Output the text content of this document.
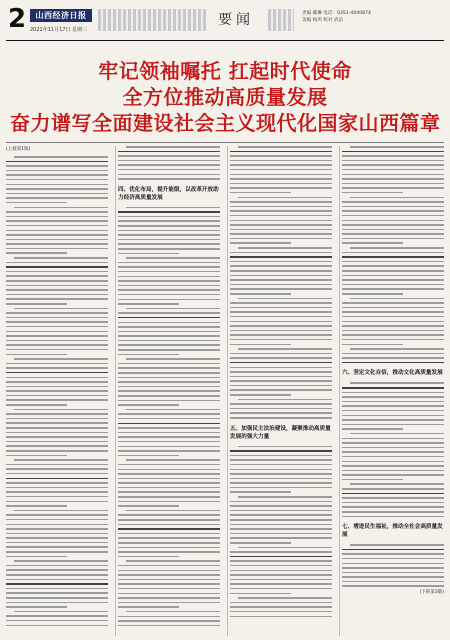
2	山西经济日报
2021年11月17日 星期三
要闻	责编 戴琳 电话：0351-4040874
美编 杨鸿 校对 武洁
牢记领袖嘱托 扛起时代使命
全方位推动高质量发展
奋力谱写全面建设社会主义现代化国家山西篇章
(上接第1版)
四、优化布局，提升能级，以改革开放助力经济高质量发展
五、加强民主法治建设，凝聚推动高质量发展的强大力量
六、坚定文化自信，推动文化高质量发展
七、增进民生福祉，推动全社会高质量发展
(下转第3版)
